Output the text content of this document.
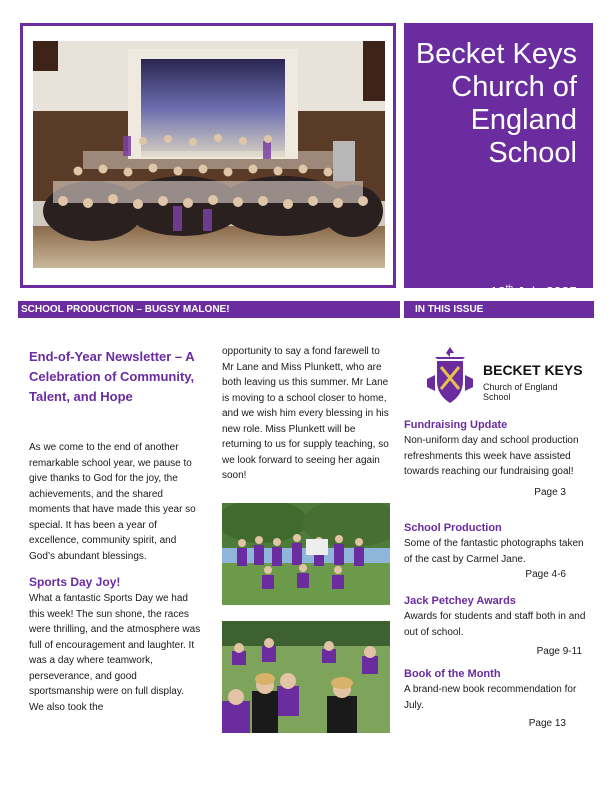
Becket Keys Church of England School
18th July 2025
SCHOOL PRODUCTION – BUGSY MALONE!	IN THIS ISSUE
End-of-Year Newsletter – A Celebration of Community, Talent, and Hope
As we come to the end of another remarkable school year, we pause to give thanks to God for the joy, the achievements, and the shared moments that have made this year so special. It has been a year of excellence, community spirit, and God’s abundant blessings.
Sports Day Joy!
What a fantastic Sports Day we had this week! The sun shone, the races were thrilling, and the atmosphere was full of encouragement and laughter. It was a day where teamwork, perseverance, and good sportsmanship were on full display. We also took the
opportunity to say a fond farewell to Mr Lane and Miss Plunkett, who are both leaving us this summer. Mr Lane is moving to a school closer to home, and we wish him every blessing in his new role. Miss Plunkett will be returning to us for supply teaching, so we look forward to seeing her again soon!
BECKET KEYS
Church of England School
Fundraising Update
Non-uniform day and school production refreshments this week have assisted towards reaching our fundraising goal!
Page 3
School Production
Some of the fantastic photographs taken of the cast by Carmel Jane.
Page 4-6
Jack Petchey Awards
Awards for students and staff both in and out of school.
Page 9-11
Book of the Month
A brand-new book recommendation for July.
Page 13
